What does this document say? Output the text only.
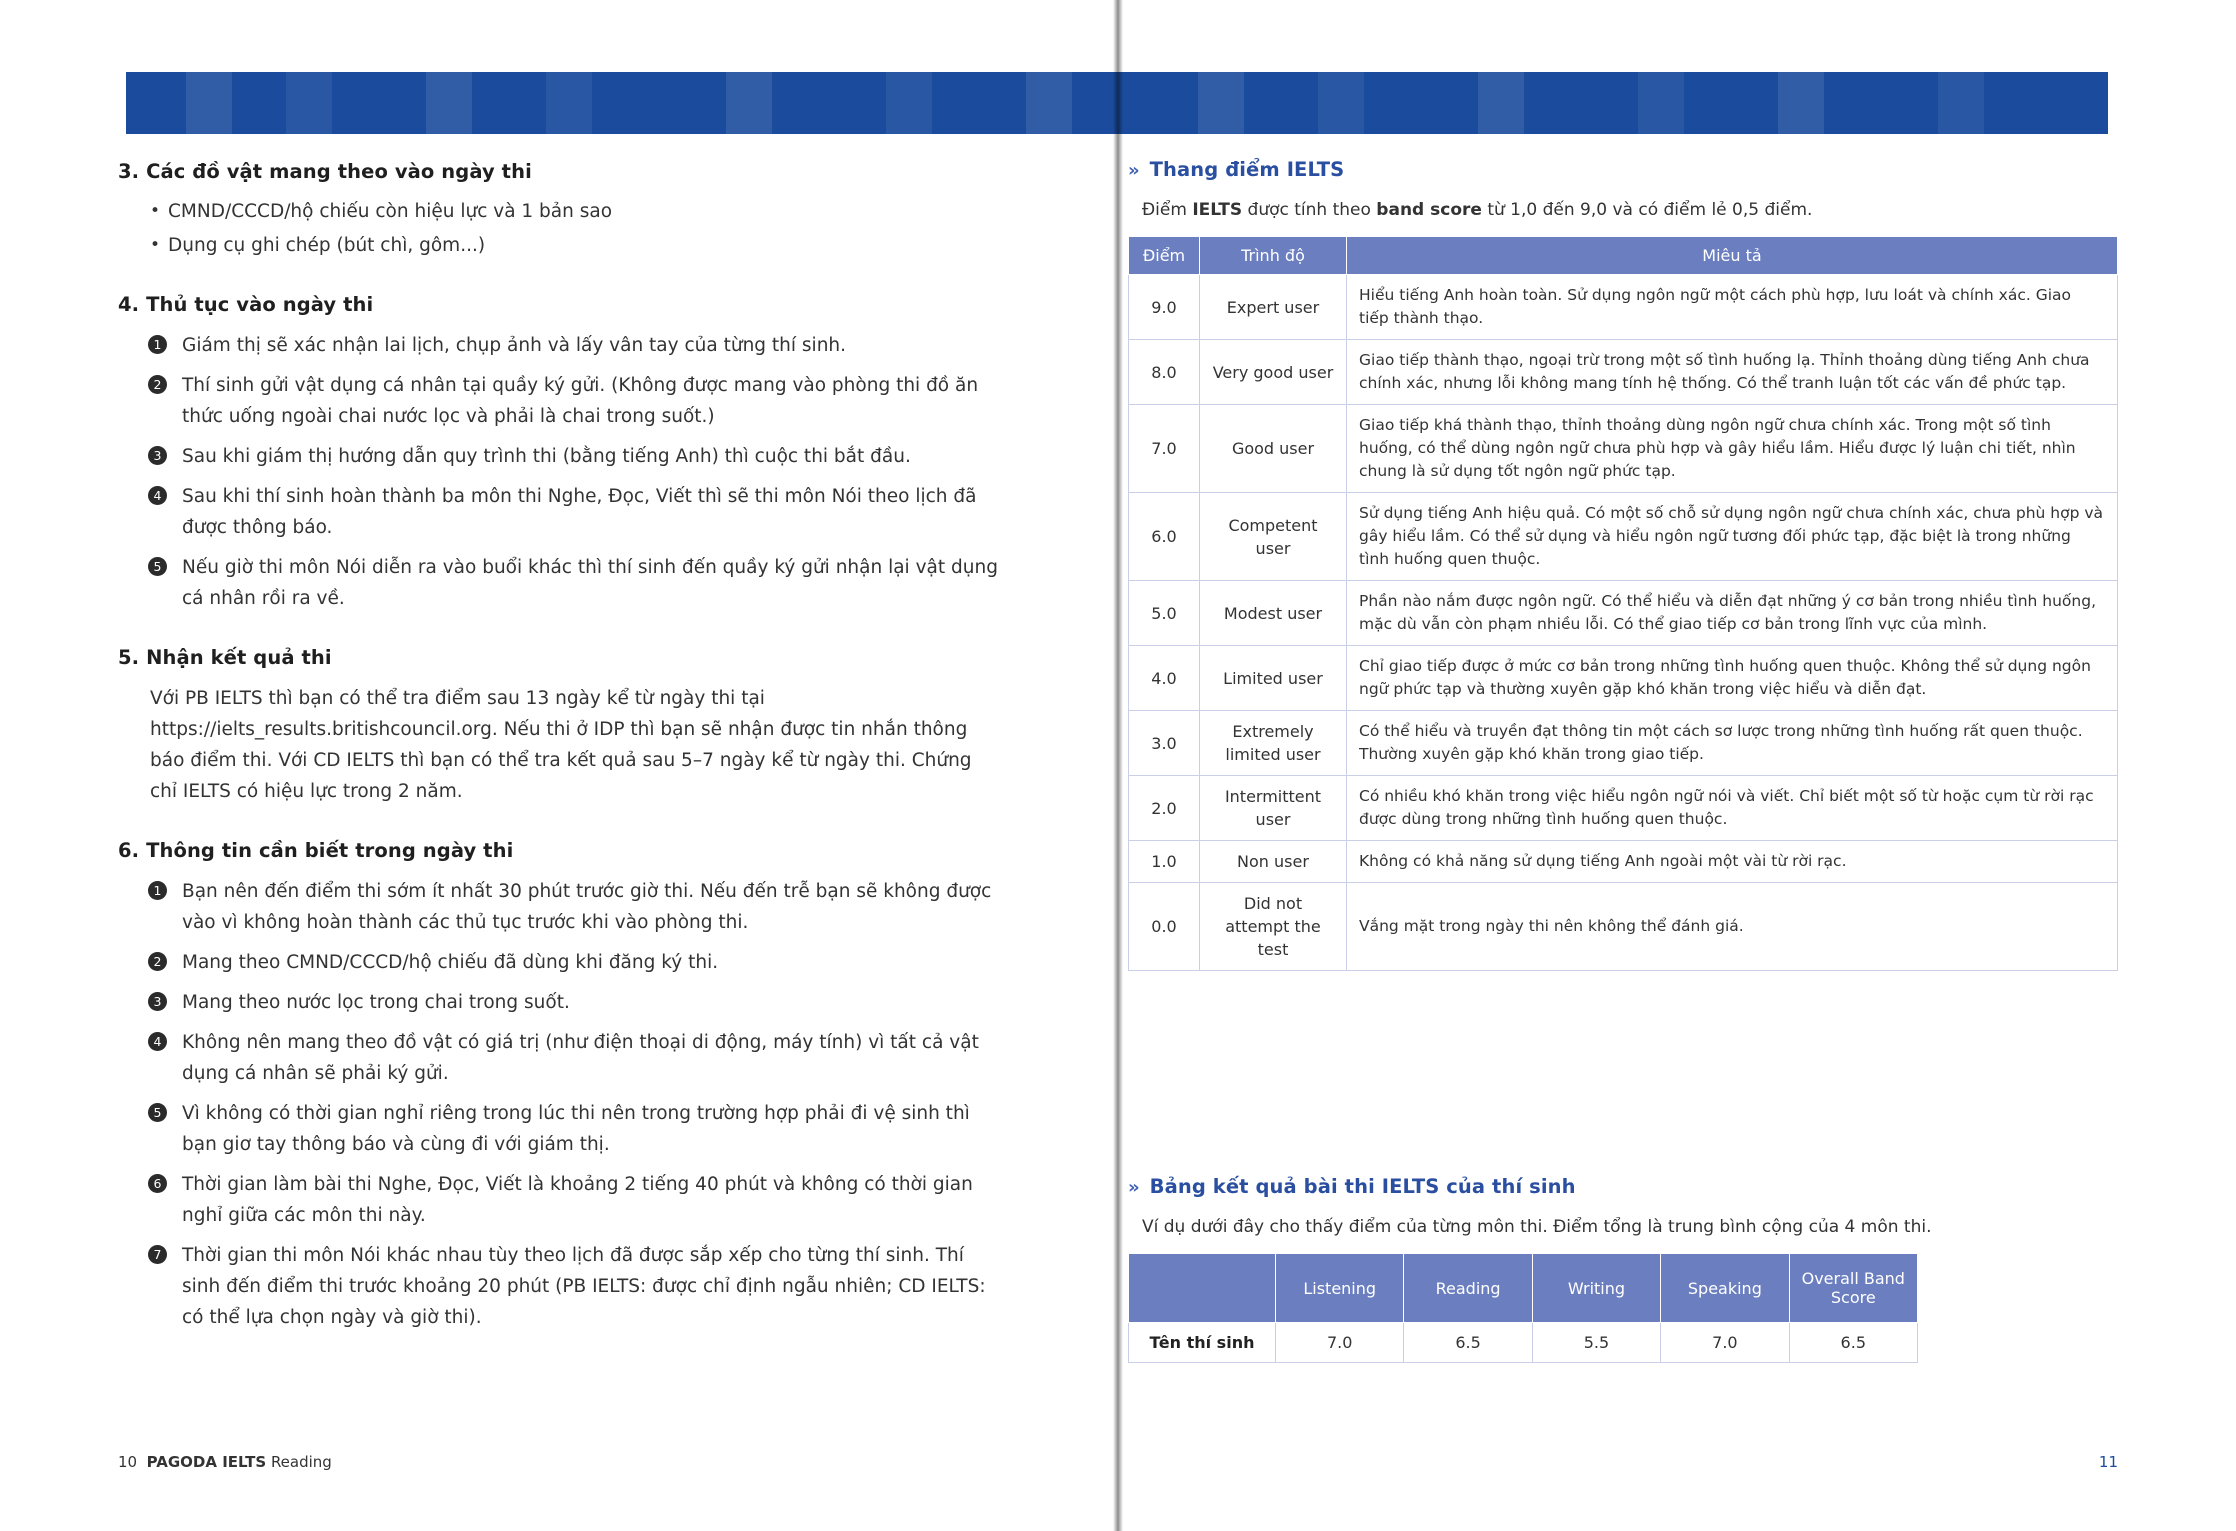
3. Các đồ vật mang theo vào ngày thi
• CMND/CCCD/hộ chiếu còn hiệu lực và 1 bản sao
• Dụng cụ ghi chép (bút chì, gôm...)
4. Thủ tục vào ngày thi
1 Giám thị sẽ xác nhận lai lịch, chụp ảnh và lấy vân tay của từng thí sinh.
2 Thí sinh gửi vật dụng cá nhân tại quầy ký gửi. (Không được mang vào phòng thi đồ ăn thức uống ngoài chai nước lọc và phải là chai trong suốt.)
3 Sau khi giám thị hướng dẫn quy trình thi (bằng tiếng Anh) thì cuộc thi bắt đầu.
4 Sau khi thí sinh hoàn thành ba môn thi Nghe, Đọc, Viết thì sẽ thi môn Nói theo lịch đã được thông báo.
5 Nếu giờ thi môn Nói diễn ra vào buổi khác thì thí sinh đến quầy ký gửi nhận lại vật dụng cá nhân rồi ra về.
5. Nhận kết quả thi

Với PB IELTS thì bạn có thể tra điểm sau 13 ngày kể từ ngày thi tại https://ielts_results.britishcouncil.org. Nếu thi ở IDP thì bạn sẽ nhận được tin nhắn thông báo điểm thi. Với CD IELTS thì bạn có thể tra kết quả sau 5–7 ngày kể từ ngày thi. Chứng chỉ IELTS có hiệu lực trong 2 năm.

6. Thông tin cần biết trong ngày thi
1 Bạn nên đến điểm thi sớm ít nhất 30 phút trước giờ thi. Nếu đến trễ bạn sẽ không được vào vì không hoàn thành các thủ tục trước khi vào phòng thi.
2 Mang theo CMND/CCCD/hộ chiếu đã dùng khi đăng ký thi.
3 Mang theo nước lọc trong chai trong suốt.
4 Không nên mang theo đồ vật có giá trị (như điện thoại di động, máy tính) vì tất cả vật dụng cá nhân sẽ phải ký gửi.
5 Vì không có thời gian nghỉ riêng trong lúc thi nên trong trường hợp phải đi vệ sinh thì bạn giơ tay thông báo và cùng đi với giám thị.
6 Thời gian làm bài thi Nghe, Đọc, Viết là khoảng 2 tiếng 40 phút và không có thời gian nghỉ giữa các môn thi này.
7 Thời gian thi môn Nói khác nhau tùy theo lịch đã được sắp xếp cho từng thí sinh. Thí sinh đến điểm thi trước khoảng 20 phút (PB IELTS: được chỉ định ngẫu nhiên; CD IELTS: có thể lựa chọn ngày và giờ thi).
10 PAGODA IELTS Reading
» Thang điểm IELTS

Điểm IELTS được tính theo band score từ 1,0 đến 9,0 và có điểm lẻ 0,5 điểm.

Điểm	Trình độ	Miêu tả
9.0	Expert user	Hiểu tiếng Anh hoàn toàn. Sử dụng ngôn ngữ một cách phù hợp, lưu loát và chính xác. Giao tiếp thành thạo.
8.0	Very good user	Giao tiếp thành thạo, ngoại trừ trong một số tình huống lạ. Thỉnh thoảng dùng tiếng Anh chưa chính xác, nhưng lỗi không mang tính hệ thống. Có thể tranh luận tốt các vấn đề phức tạp.
7.0	Good user	Giao tiếp khá thành thạo, thỉnh thoảng dùng ngôn ngữ chưa chính xác. Trong một số tình huống, có thể dùng ngôn ngữ chưa phù hợp và gây hiểu lầm. Hiểu được lý luận chi tiết, nhìn chung là sử dụng tốt ngôn ngữ phức tạp.
6.0	Competent user	Sử dụng tiếng Anh hiệu quả. Có một số chỗ sử dụng ngôn ngữ chưa chính xác, chưa phù hợp và gây hiểu lầm. Có thể sử dụng và hiểu ngôn ngữ tương đối phức tạp, đặc biệt là trong những tình huống quen thuộc.
5.0	Modest user	Phần nào nắm được ngôn ngữ. Có thể hiểu và diễn đạt những ý cơ bản trong nhiều tình huống, mặc dù vẫn còn phạm nhiều lỗi. Có thể giao tiếp cơ bản trong lĩnh vực của mình.
4.0	Limited user	Chỉ giao tiếp được ở mức cơ bản trong những tình huống quen thuộc. Không thể sử dụng ngôn ngữ phức tạp và thường xuyên gặp khó khăn trong việc hiểu và diễn đạt.
3.0	Extremely limited user	Có thể hiểu và truyền đạt thông tin một cách sơ lược trong những tình huống rất quen thuộc. Thường xuyên gặp khó khăn trong giao tiếp.
2.0	Intermittent user	Có nhiều khó khăn trong việc hiểu ngôn ngữ nói và viết. Chỉ biết một số từ hoặc cụm từ rời rạc được dùng trong những tình huống quen thuộc.
1.0	Non user	Không có khả năng sử dụng tiếng Anh ngoài một vài từ rời rạc.
0.0	Did not attempt the test	Vắng mặt trong ngày thi nên không thể đánh giá.
» Bảng kết quả bài thi IELTS của thí sinh

Ví dụ dưới đây cho thấy điểm của từng môn thi. Điểm tổng là trung bình cộng của 4 môn thi.

	Listening	Reading	Writing	Speaking	Overall Band Score
Tên thí sinh	7.0	6.5	5.5	7.0	6.5
11
